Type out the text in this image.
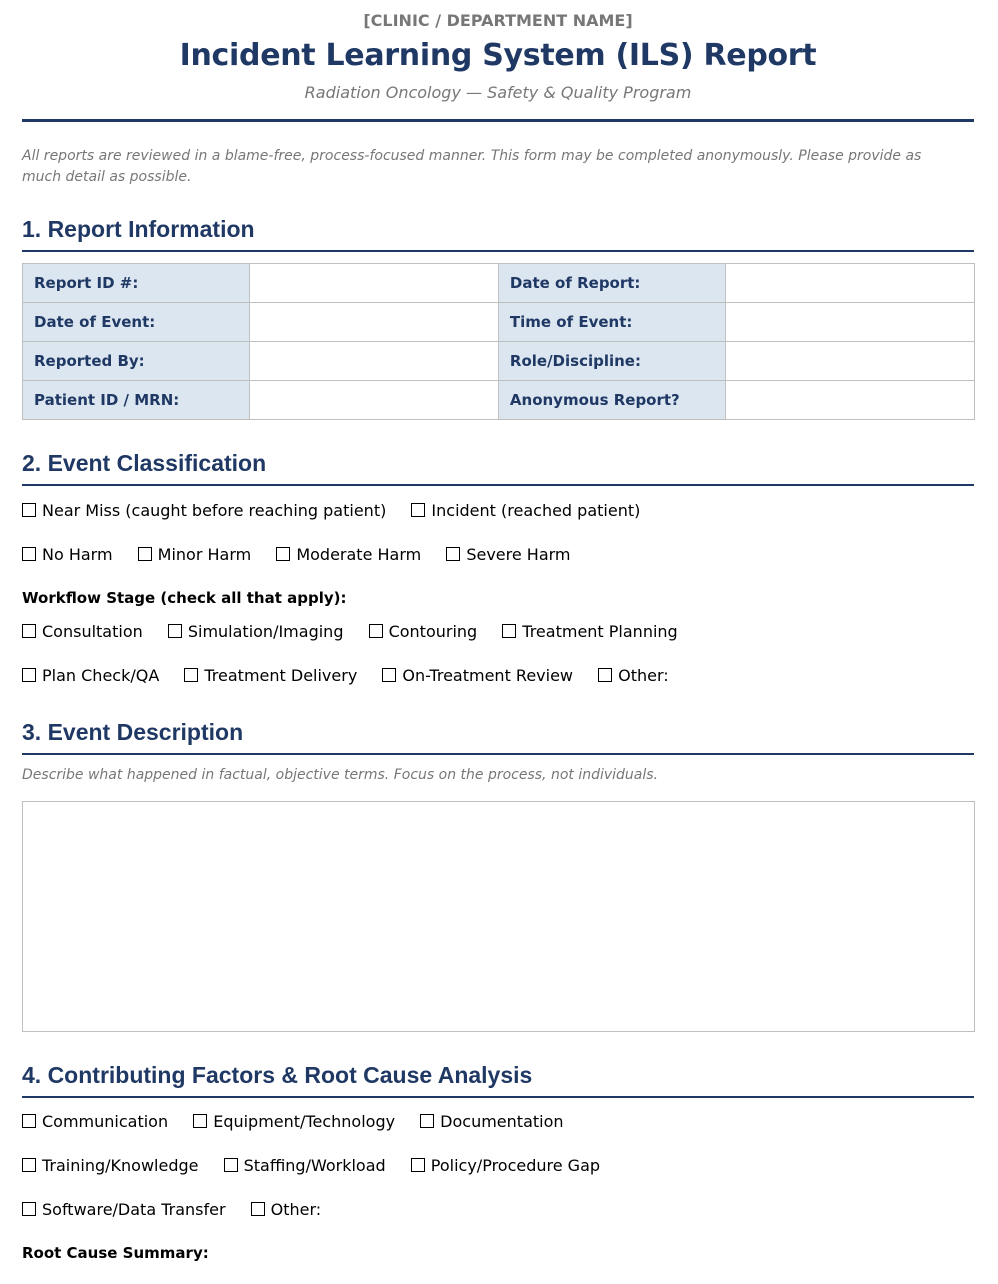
[CLINIC / DEPARTMENT NAME]
Incident Learning System (ILS) Report
Radiation Oncology — Safety & Quality Program
All reports are reviewed in a blame-free, process-focused manner. This form may be completed anonymously. Please provide as much detail as possible.
1. Report Information
Report ID #:		Date of Report:	
Date of Event:		Time of Event:	
Reported By:		Role/Discipline:	
Patient ID / MRN:		Anonymous Report?	
2. Event Classification
Near Miss (caught before reaching patient)	Incident (reached patient)
No Harm	Minor Harm	Moderate Harm	Severe Harm
Workflow Stage (check all that apply):
Consultation	Simulation/Imaging	Contouring	Treatment Planning
Plan Check/QA	Treatment Delivery	On-Treatment Review	Other:
3. Event Description
Describe what happened in factual, objective terms. Focus on the process, not individuals.
4. Contributing Factors & Root Cause Analysis
Communication	Equipment/Technology	Documentation
Training/Knowledge	Staffing/Workload	Policy/Procedure Gap
Software/Data Transfer	Other:
Root Cause Summary:
